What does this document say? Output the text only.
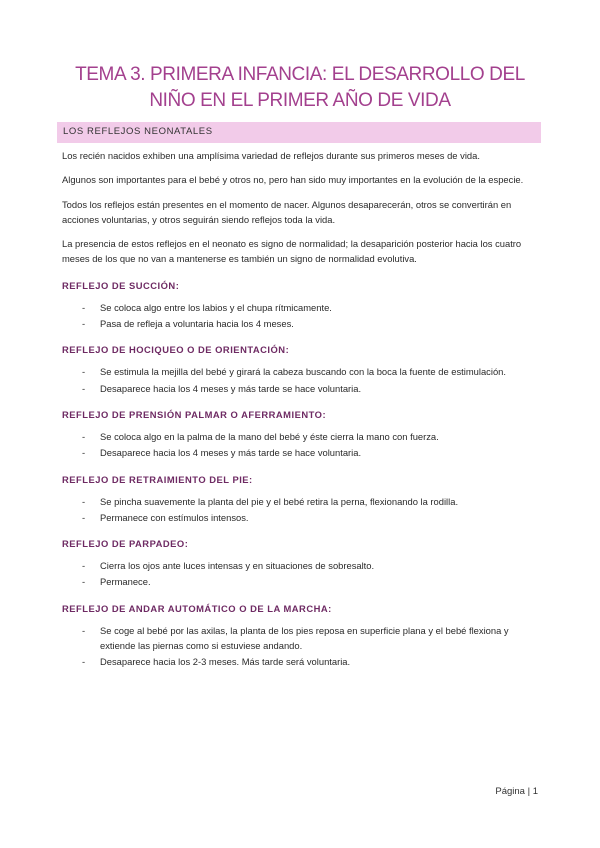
TEMA 3. PRIMERA INFANCIA: EL DESARROLLO DEL NIÑO EN EL PRIMER AÑO DE VIDA
LOS REFLEJOS NEONATALES

Los recién nacidos exhiben una amplísima variedad de reflejos durante sus primeros meses de vida.

Algunos son importantes para el bebé y otros no, pero han sido muy importantes en la evolución de la especie.

Todos los reflejos están presentes en el momento de nacer. Algunos desaparecerán, otros se convertirán en acciones voluntarias, y otros seguirán siendo reflejos toda la vida.

La presencia de estos reflejos en el neonato es signo de normalidad; la desaparición posterior hacia los cuatro meses de los que no van a mantenerse es también un signo de normalidad evolutiva.

REFLEJO DE SUCCIÓN:
- Se coloca algo entre los labios y el chupa rítmicamente.
- Pasa de refleja a voluntaria hacia los 4 meses.
REFLEJO DE HOCIQUEO O DE ORIENTACIÓN:
- Se estimula la mejilla del bebé y girará la cabeza buscando con la boca la fuente de estimulación.
- Desaparece hacia los 4 meses y más tarde se hace voluntaria.
REFLEJO DE PRENSIÓN PALMAR O AFERRAMIENTO:
- Se coloca algo en la palma de la mano del bebé y éste cierra la mano con fuerza.
- Desaparece hacia los 4 meses y más tarde se hace voluntaria.
REFLEJO DE RETRAIMIENTO DEL PIE:
- Se pincha suavemente la planta del pie y el bebé retira la perna, flexionando la rodilla.
- Permanece con estímulos intensos.
REFLEJO DE PARPADEO:
- Cierra los ojos ante luces intensas y en situaciones de sobresalto.
- Permanece.
REFLEJO DE ANDAR AUTOMÁTICO O DE LA MARCHA:
- Se coge al bebé por las axilas, la planta de los pies reposa en superficie plana y el bebé flexiona y extiende las piernas como si estuviese andando.
- Desaparece hacia los 2-3 meses. Más tarde será voluntaria.
Página | 1
